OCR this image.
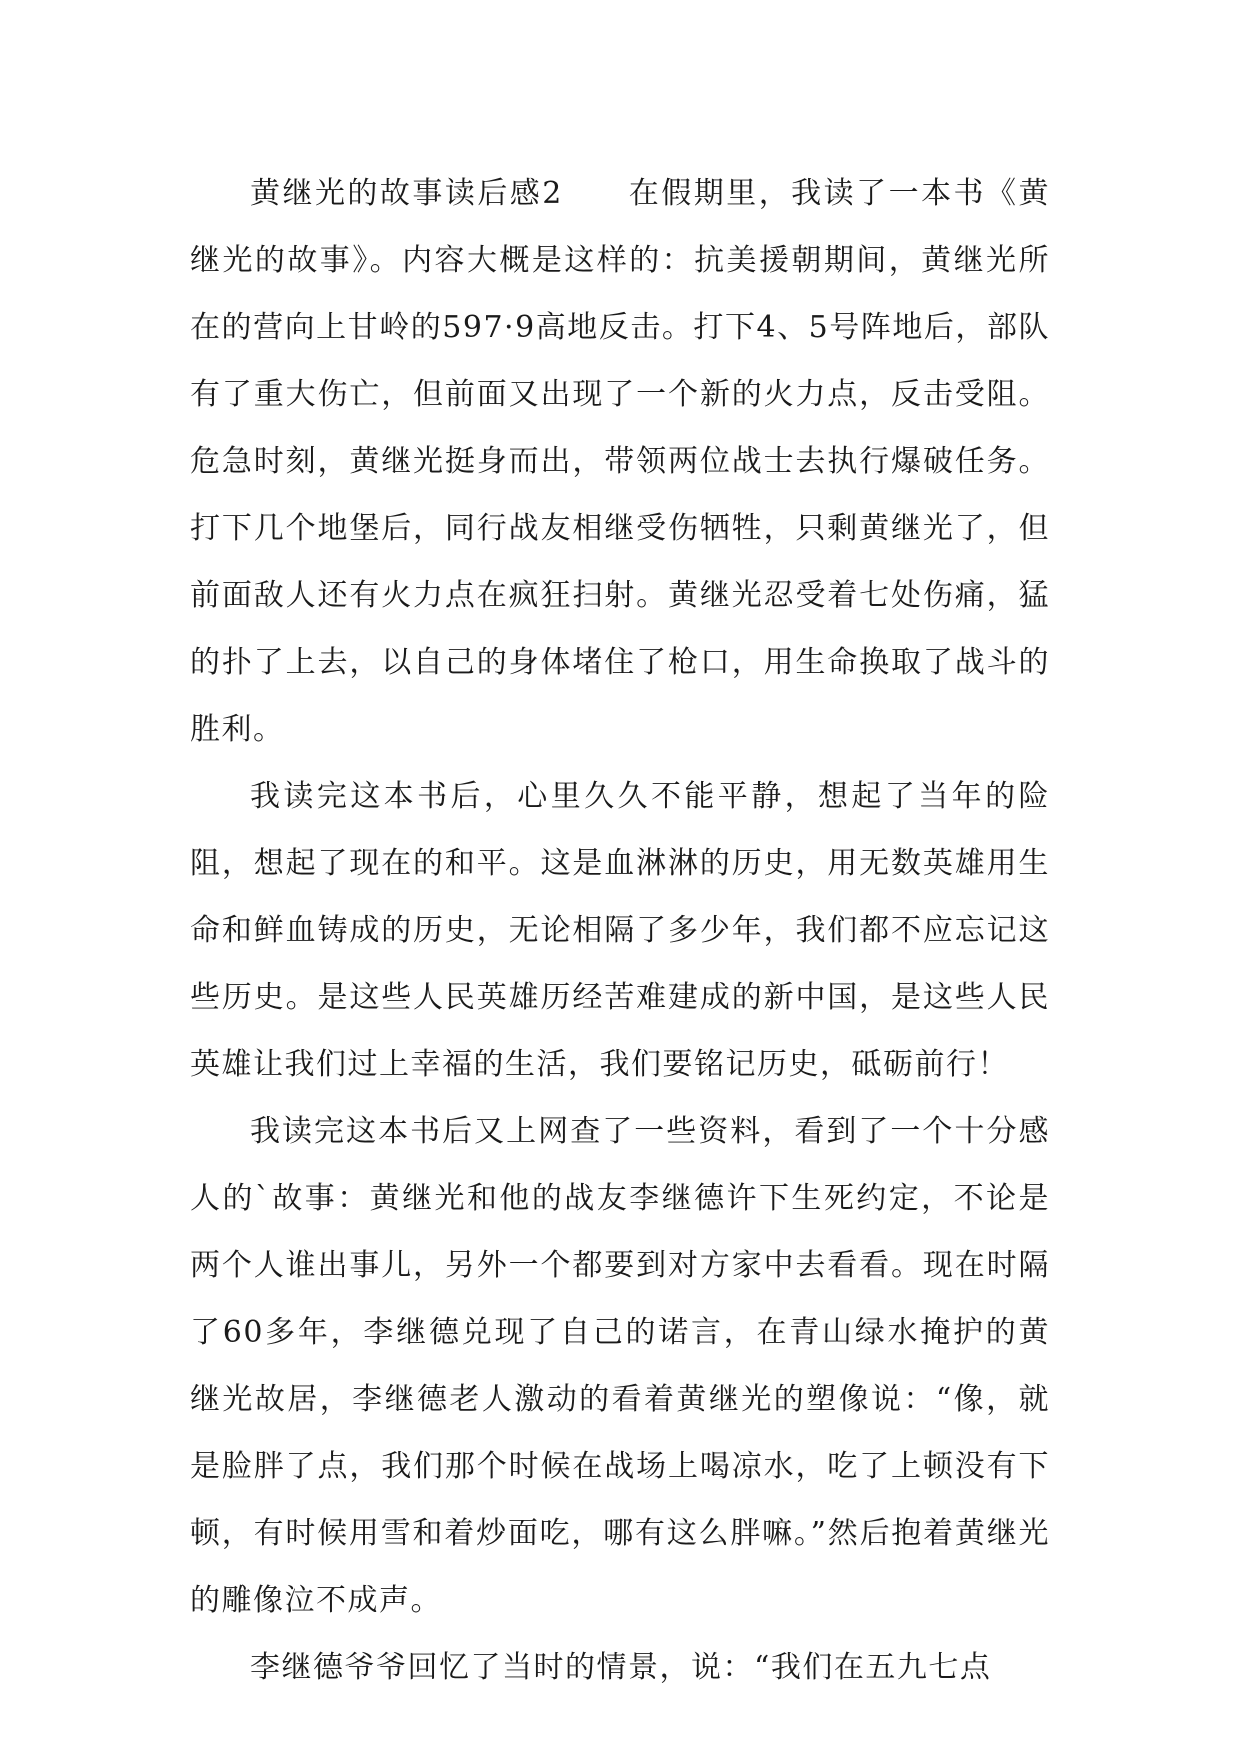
黄继光的故事读后感2　　在假期里，我读了一本书《黄继光的故事》。内容大概是这样的：抗美援朝期间，黄继光所在的营向上甘岭的597·9高地反击。打下4、5号阵地后，部队有了重大伤亡，但前面又出现了一个新的火力点，反击受阻。危急时刻，黄继光挺身而出，带领两位战士去执行爆破任务。打下几个地堡后，同行战友相继受伤牺牲，只剩黄继光了，但前面敌人还有火力点在疯狂扫射。黄继光忍受着七处伤痛，猛的扑了上去，以自己的身体堵住了枪口，用生命换取了战斗的胜利。

我读完这本书后，心里久久不能平静，想起了当年的险阻，想起了现在的和平。这是血淋淋的历史，用无数英雄用生命和鲜血铸成的历史，无论相隔了多少年，我们都不应忘记这些历史。是这些人民英雄历经苦难建成的新中国，是这些人民英雄让我们过上幸福的生活，我们要铭记历史，砥砺前行！

我读完这本书后又上网查了一些资料，看到了一个十分感人的`故事：黄继光和他的战友李继德许下生死约定，不论是两个人谁出事儿，另外一个都要到对方家中去看看。现在时隔了60多年，李继德兑现了自己的诺言，在青山绿水掩护的黄继光故居，李继德老人激动的看着黄继光的塑像说：“像，就是脸胖了点，我们那个时候在战场上喝凉水，吃了上顿没有下顿，有时候用雪和着炒面吃，哪有这么胖嘛。”然后抱着黄继光的雕像泣不成声。

李继德爷爷回忆了当时的情景，说：“我们在五九七点
